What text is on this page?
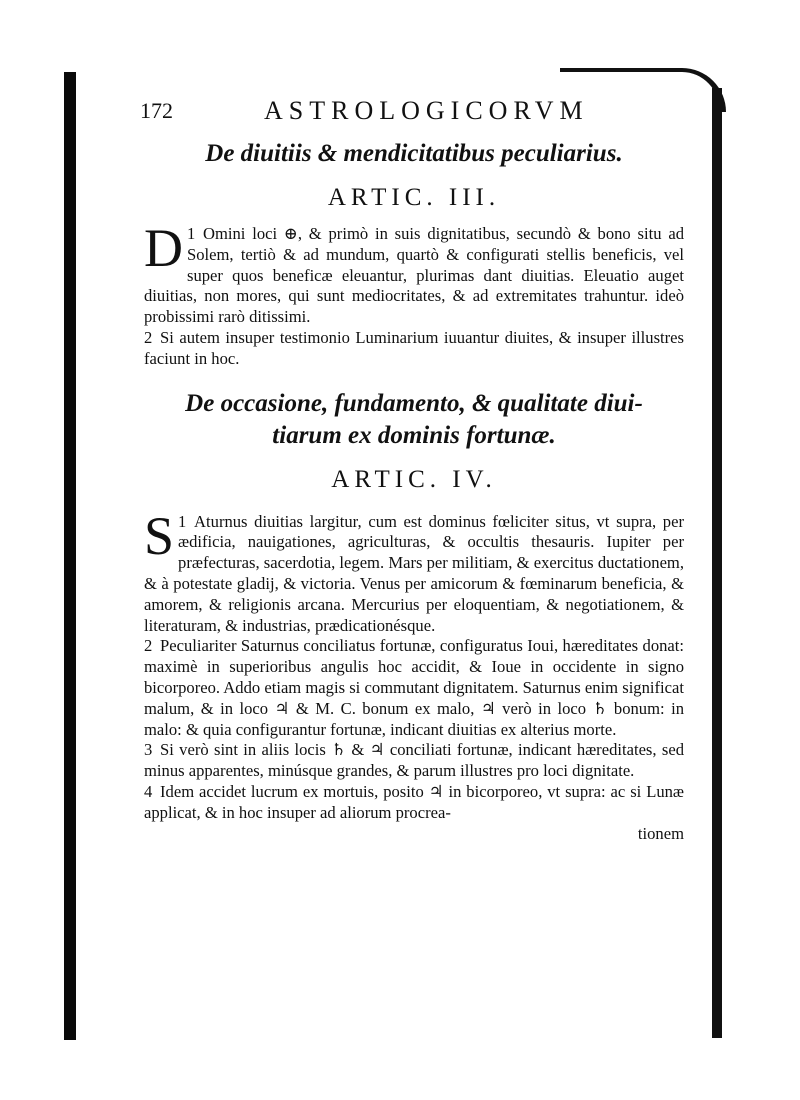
172	ASTROLOGICORVM

De diuitiis & mendicitatibus peculiarius.

ARTIC. III.

1
D Omini loci ⊕, & primò in suis dignitatibus, secundò & bono situ ad Solem, tertiò & ad mundum, quartò & configurati stellis beneficis, vel super quos beneficæ eleuantur, plurimas dant diuitias. Eleuatio auget diuitias, non mores, qui sunt mediocritates, & ad extremitates trahuntur. ideò probissimi rarò ditissimi.

2 Si autem insuper testimonio Luminarium iuuantur diuites, & insuper illustres faciunt in hoc.

De occasione, fundamento, & qualitate diui-

tiarum ex dominis fortunæ.

ARTIC. IV.

1
S Aturnus diuitias largitur, cum est dominus fœliciter situs, vt supra, per ædificia, nauigationes, agriculturas, & occultis thesauris. Iupiter per præfecturas, sacerdotia, legem. Mars per militiam, & exercitus ductationem, & à potestate gladij, & victoria. Venus per amicorum & fœminarum beneficia, & amorem, & religionis arcana. Mercurius per eloquentiam, & negotiationem, & literaturam, & industrias, prædicationésque.

2 Peculiariter Saturnus conciliatus fortunæ, configuratus Ioui, hæreditates donat: maximè in superioribus angulis hoc accidit, & Ioue in occidente in signo bicorporeo. Addo etiam magis si commutant dignitatem. Saturnus enim significat malum, & in loco ♃ & M. C. bonum ex malo, ♃ verò in loco ♄ bonum: in malo: & quia configurantur fortunæ, indicant diuitias ex alterius morte.

3 Si verò sint in aliis locis ♄ & ♃ conciliati fortunæ, indicant hæreditates, sed minus apparentes, minúsque grandes, & parum illustres pro loci dignitate.

4 Idem accidet lucrum ex mortuis, posito ♃ in bicorporeo, vt supra: ac si Lunæ applicat, & in hoc insuper ad aliorum procrea-

tionem
